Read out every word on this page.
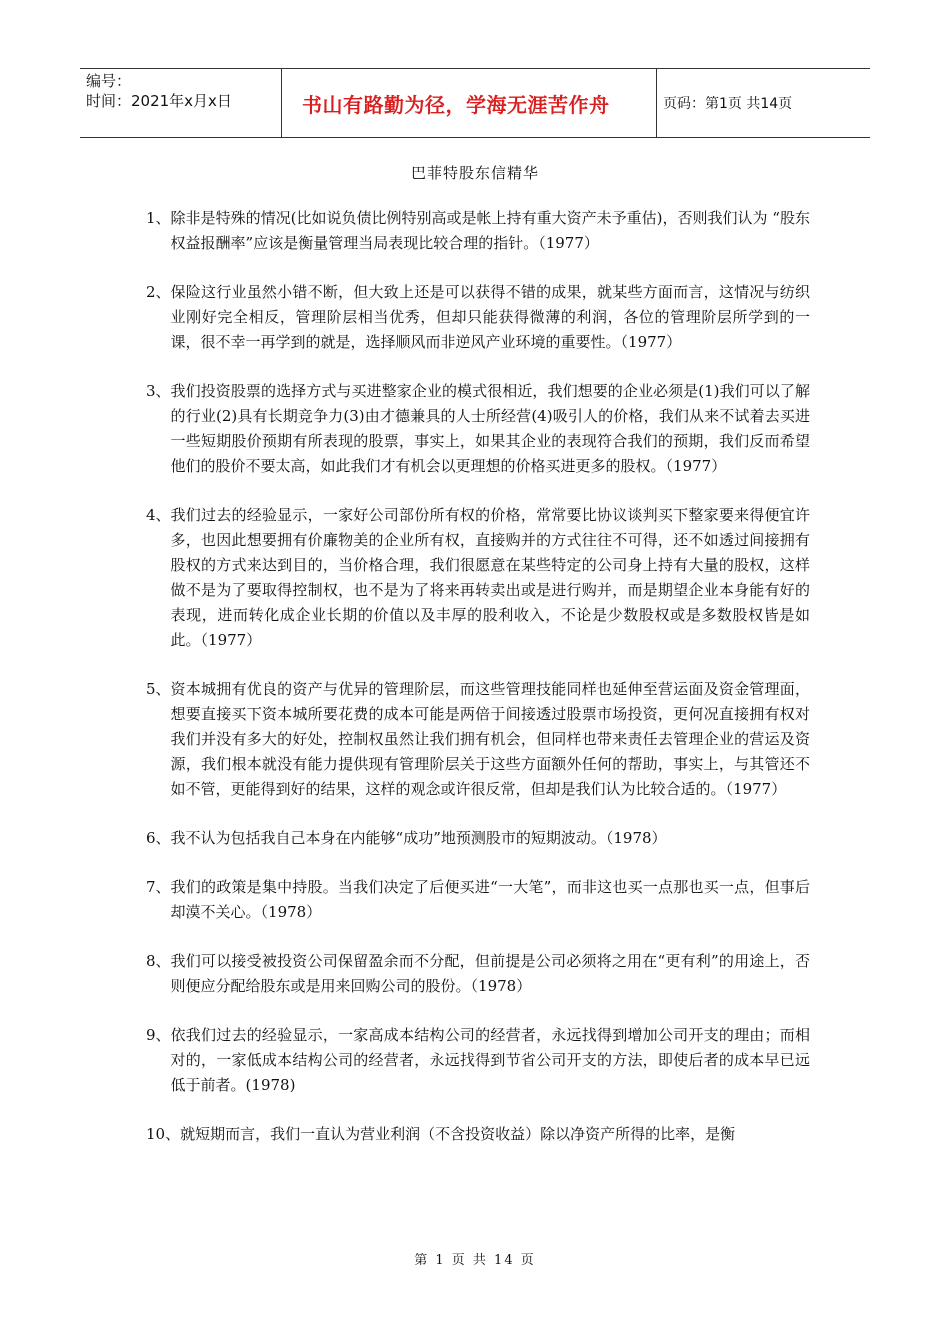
编号：
时间：2021年x月x日	书山有路勤为径，学海无涯苦作舟	页码：第1页 共14页
巴菲特股东信精华
1、 除非是特殊的情况(比如说负债比例特别高或是帐上持有重大资产未予重估)，否则我们认为 “股东权益报酬率”应该是衡量管理当局表现比较合理的指针。（1977）
2、 保险这行业虽然小错不断，但大致上还是可以获得不错的成果，就某些方面而言，这情况与纺织业刚好完全相反，管理阶层相当优秀，但却只能获得微薄的利润，各位的管理阶层所学到的一课，很不幸一再学到的就是，选择顺风而非逆风产业环境的重要性。（1977）
3、 我们投资股票的选择方式与买进整家企业的模式很相近，我们想要的企业必须是(1)我们可以了解的行业(2)具有长期竞争力(3)由才德兼具的人士所经营(4)吸引人的价格，我们从来不试着去买进一些短期股价预期有所表现的股票，事实上，如果其企业的表现符合我们的预期，我们反而希望他们的股价不要太高，如此我们才有机会以更理想的价格买进更多的股权。（1977）
4、 我们过去的经验显示，一家好公司部份所有权的价格，常常要比协议谈判买下整家要来得便宜许多，也因此想要拥有价廉物美的企业所有权，直接购并的方式往往不可得，还不如透过间接拥有股权的方式来达到目的，当价格合理，我们很愿意在某些特定的公司身上持有大量的股权，这样做不是为了要取得控制权，也不是为了将来再转卖出或是进行购并，而是期望企业本身能有好的表现，进而转化成企业长期的价值以及丰厚的股利收入，不论是少数股权或是多数股权皆是如此。（1977）
5、 资本城拥有优良的资产与优异的管理阶层，而这些管理技能同样也延伸至营运面及资金管理面，想要直接买下资本城所要花费的成本可能是两倍于间接透过股票市场投资，更何况直接拥有权对我们并没有多大的好处，控制权虽然让我们拥有机会，但同样也带来责任去管理企业的营运及资源，我们根本就没有能力提供现有管理阶层关于这些方面额外任何的帮助，事实上，与其管还不如不管，更能得到好的结果，这样的观念或许很反常，但却是我们认为比较合适的。（1977）
6、 我不认为包括我自己本身在内能够“成功”地预测股市的短期波动。（1978）
7、 我们的政策是集中持股。当我们决定了后便买进“一大笔”，而非这也买一点那也买一点，但事后却漠不关心。（1978）
8、 我们可以接受被投资公司保留盈余而不分配，但前提是公司必须将之用在“更有利”的用途上，否则便应分配给股东或是用来回购公司的股份。（1978）
9、 依我们过去的经验显示，一家高成本结构公司的经营者，永远找得到增加公司开支的理由；而相对的，一家低成本结构公司的经营者，永远找得到节省公司开支的方法，即使后者的成本早已远低于前者。(1978)
10、 就短期而言，我们一直认为营业利润（不含投资收益）除以净资产所得的比率，是衡
第 1 页 共 14 页
